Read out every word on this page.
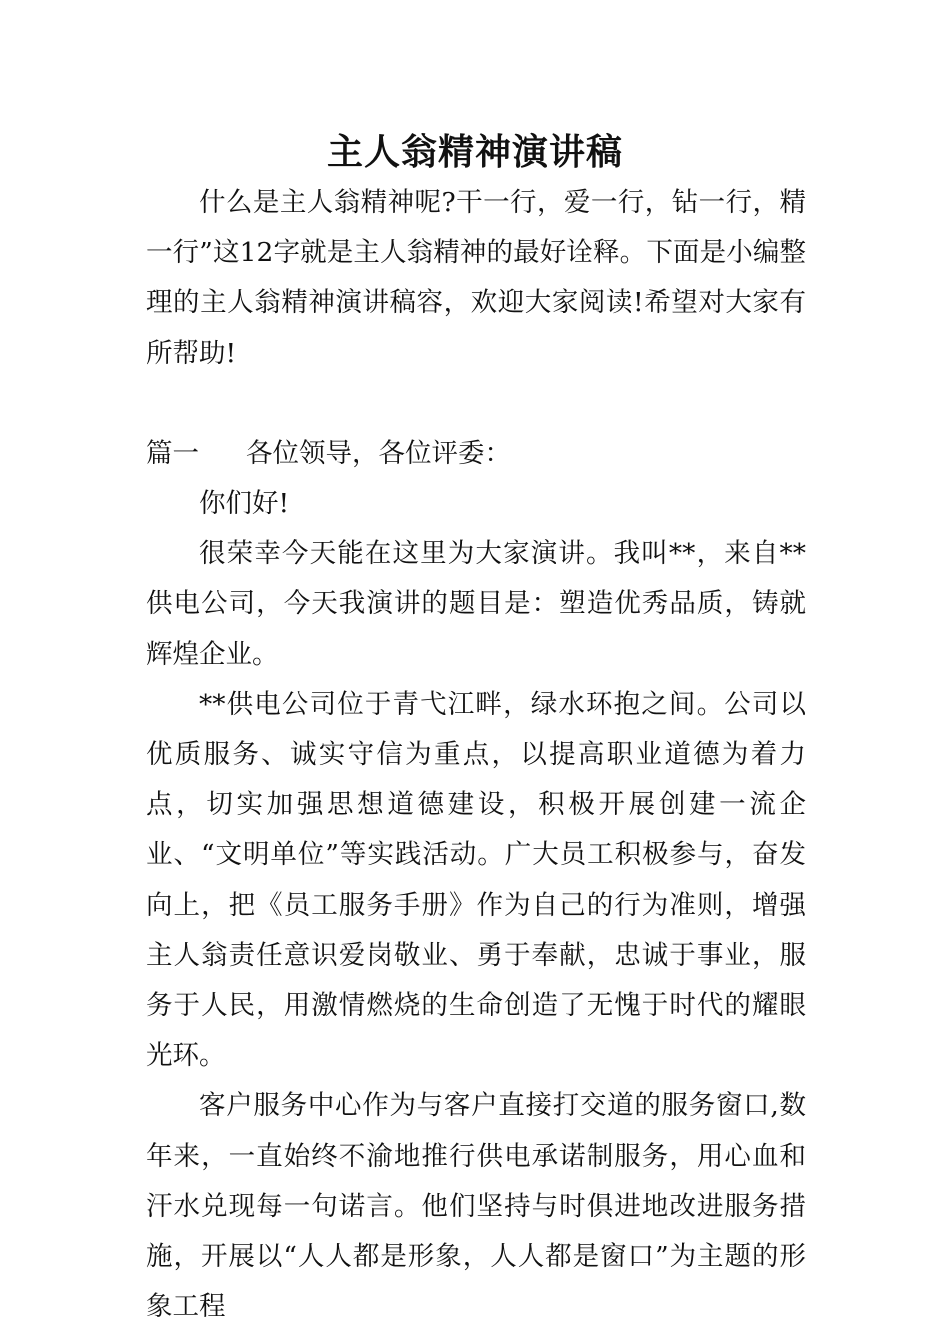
主人翁精神演讲稿

什么是主人翁精神呢?干一行，爱一行，钻一行，精一行”这12字就是主人翁精神的最好诠释。下面是小编整理的主人翁精神演讲稿容，欢迎大家阅读!希望对大家有所帮助!

篇一 各位领导，各位评委：

你们好!

很荣幸今天能在这里为大家演讲。我叫**，来自**供电公司，今天我演讲的题目是：塑造优秀品质，铸就辉煌企业。

**供电公司位于青弋江畔，绿水环抱之间。公司以优质服务、诚实守信为重点，以提高职业道德为着力点，切实加强思想道德建设，积极开展创建一流企业、“文明单位”等实践活动。广大员工积极参与，奋发向上，把《员工服务手册》作为自己的行为准则，增强主人翁责任意识爱岗敬业、勇于奉献，忠诚于事业，服务于人民，用激情燃烧的生命创造了无愧于时代的耀眼光环。

客户服务中心作为与客户直接打交道的服务窗口,数年来，一直始终不渝地推行供电承诺制服务，用心血和汗水兑现每一句诺言。他们坚持与时俱进地改进服务措施，开展以“人人都是形象，人人都是窗口”为主题的形象工程
